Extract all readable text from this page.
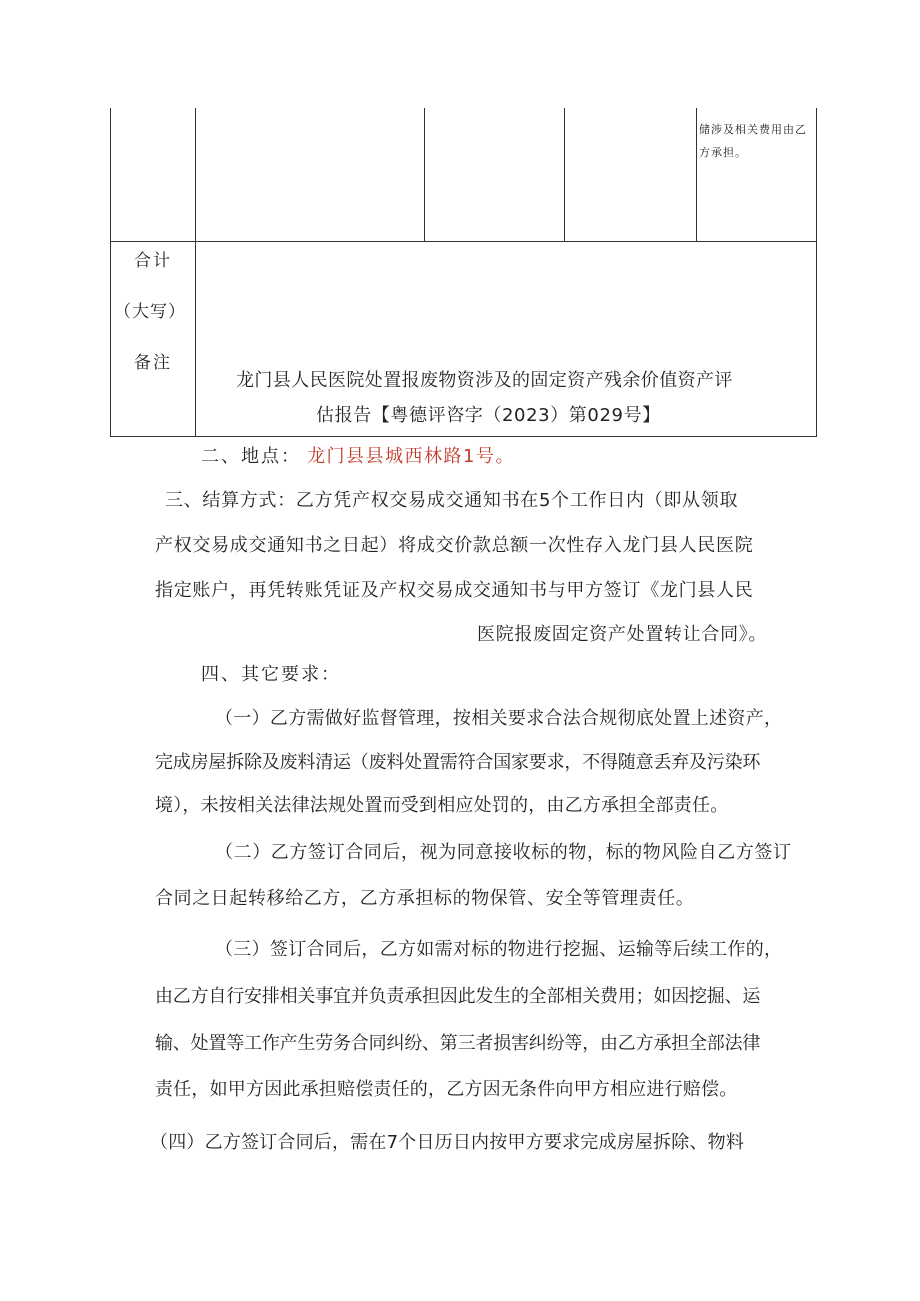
储涉及相关费用由乙
方承担。
合计
（大写）
备注
龙门县人民医院处置报废物资涉及的固定资产残余价值资产评
估报告【粤德评咨字（2023）第029号】
二、地点： 龙门县县城西林路1号。
三、结算方式：乙方凭产权交易成交通知书在5个工作日内（即从领取
产权交易成交通知书之日起）将成交价款总额一次性存入龙门县人民医院
指定账户，再凭转账凭证及产权交易成交通知书与甲方签订《龙门县人民
医院报废固定资产处置转让合同》。
四、其它要求：
（一）乙方需做好监督管理，按相关要求合法合规彻底处置上述资产，
完成房屋拆除及废料清运（废料处置需符合国家要求，不得随意丢弃及污染环
境），未按相关法律法规处置而受到相应处罚的，由乙方承担全部责任。
（二）乙方签订合同后，视为同意接收标的物，标的物风险自乙方签订
合同之日起转移给乙方，乙方承担标的物保管、安全等管理责任。
（三）签订合同后，乙方如需对标的物进行挖掘、运输等后续工作的，
由乙方自行安排相关事宜并负责承担因此发生的全部相关费用；如因挖掘、运
输、处置等工作产生劳务合同纠纷、第三者损害纠纷等，由乙方承担全部法律
责任，如甲方因此承担赔偿责任的，乙方因无条件向甲方相应进行赔偿。
（四）乙方签订合同后，需在7个日历日内按甲方要求完成房屋拆除、物料
